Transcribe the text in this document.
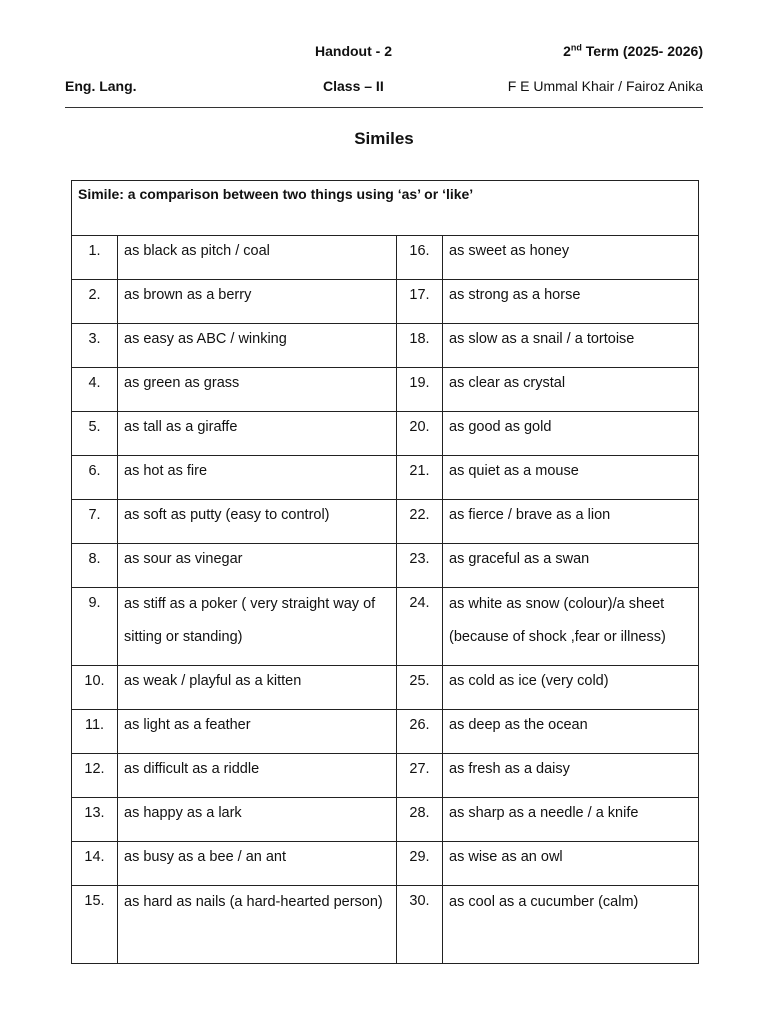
Handout - 2	2nd Term (2025- 2026)
Eng. Lang.	Class – II	F E Ummal Khair / Fairoz Anika
Similes
Simile: a comparison between two things using ‘as’ or ‘like’			
1.	as black as pitch / coal	16.	as sweet as honey
2.	as brown as a berry	17.	as strong as a horse
3.	as easy as ABC / winking	18.	as slow as a snail / a tortoise
4.	as green as grass	19.	as clear as crystal
5.	as tall as a giraffe	20.	as good as gold
6.	as hot as fire	21.	as quiet as a mouse
7.	as soft as putty (easy to control)	22.	as fierce / brave as a lion
8.	as sour as vinegar	23.	as graceful as a swan
9.	as stiff as a poker ( very straight way of sitting or standing)	24.	as white as snow (colour)/a sheet (because of shock ,fear or illness)
10.	as weak / playful as a kitten	25.	as cold as ice (very cold)
11.	as light as a feather	26.	as deep as the ocean
12.	as difficult as a riddle	27.	as fresh as a daisy
13.	as happy as a lark	28.	as sharp as a needle / a knife
14.	as busy as a bee / an ant	29.	as wise as an owl
15.	as hard as nails (a hard-hearted person)	30.	as cool as a cucumber (calm)
